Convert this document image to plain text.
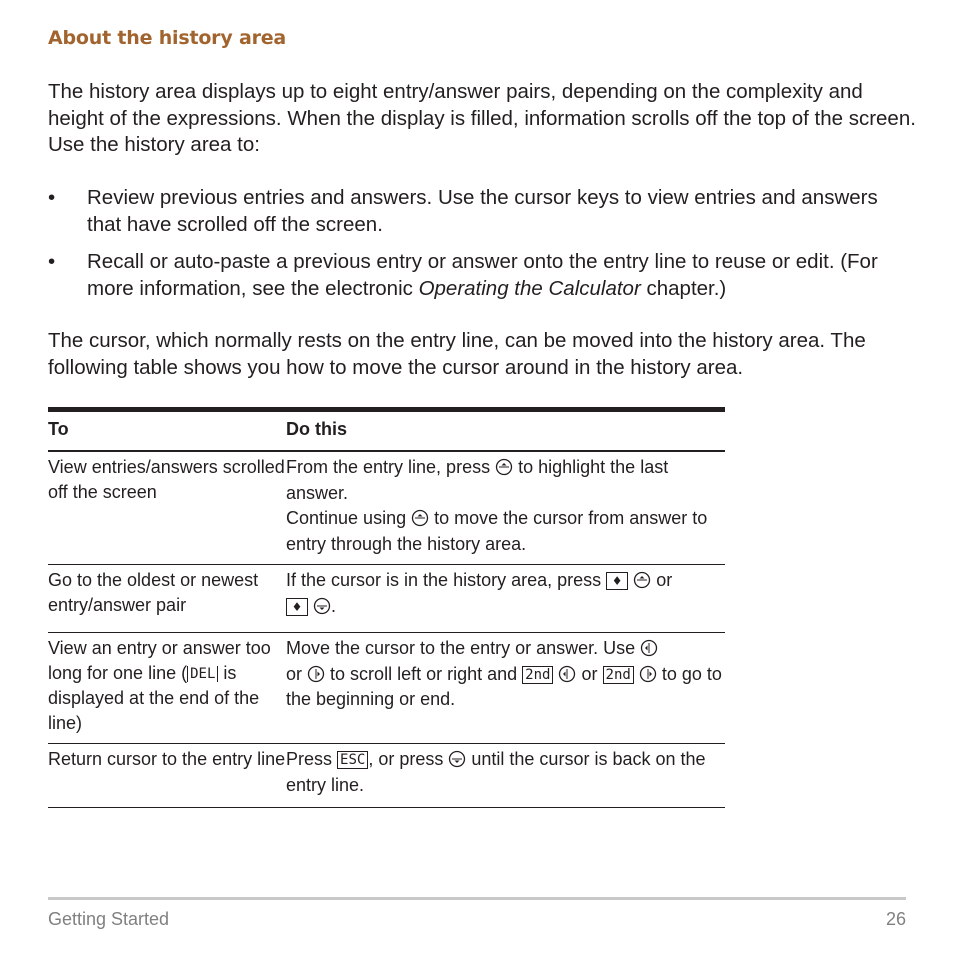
About the history area
The history area displays up to eight entry/answer pairs, depending on the complexity and height of the expressions. When the display is filled, information scrolls off the top of the screen. Use the history area to:
• Review previous entries and answers. Use the cursor keys to view entries and answers that have scrolled off the screen.
• Recall or auto-paste a previous entry or answer onto the entry line to reuse or edit. (For more information, see the electronic Operating the Calculator chapter.)
The cursor, which normally rests on the entry line, can be moved into the history area. The following table shows you how to move the cursor around in the history area.
To	Do this
View entries/answers scrolled off the screen
From the entry line, press to highlight the last answer.
Continue using to move the cursor from answer to entry through the history area.
Go to the oldest or newest entry/answer pair
If the cursor is in the history area, press ♦ or
♦ .
View an entry or answer too long for one line ( DEL is displayed at the end of the line)
Move the cursor to the entry or answer. Use
or to scroll left or right and 2nd or 2nd to go to the beginning or end.
Return cursor to the entry line Press ESC , or press until the cursor is back on the entry line.
Getting Started	26
